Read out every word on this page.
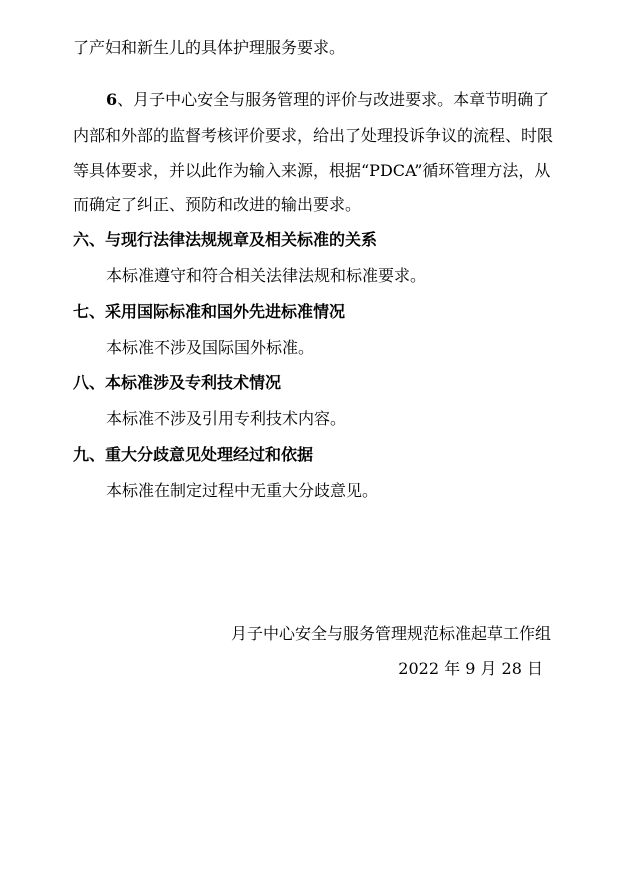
了产妇和新生儿的具体护理服务要求。
6、月子中心安全与服务管理的评价与改进要求。本章节明确了
内部和外部的监督考核评价要求，给出了处理投诉争议的流程、时限
等具体要求，并以此作为输入来源，根据“PDCA”循环管理方法，从
而确定了纠正、预防和改进的输出要求。
六、与现行法律法规规章及相关标准的关系
本标准遵守和符合相关法律法规和标准要求。
七、采用国际标准和国外先进标准情况
本标准不涉及国际国外标准。
八、本标准涉及专利技术情况
本标准不涉及引用专利技术内容。
九、重大分歧意见处理经过和依据
本标准在制定过程中无重大分歧意见。
月子中心安全与服务管理规范标准起草工作组
2022 年 9 月 28 日
